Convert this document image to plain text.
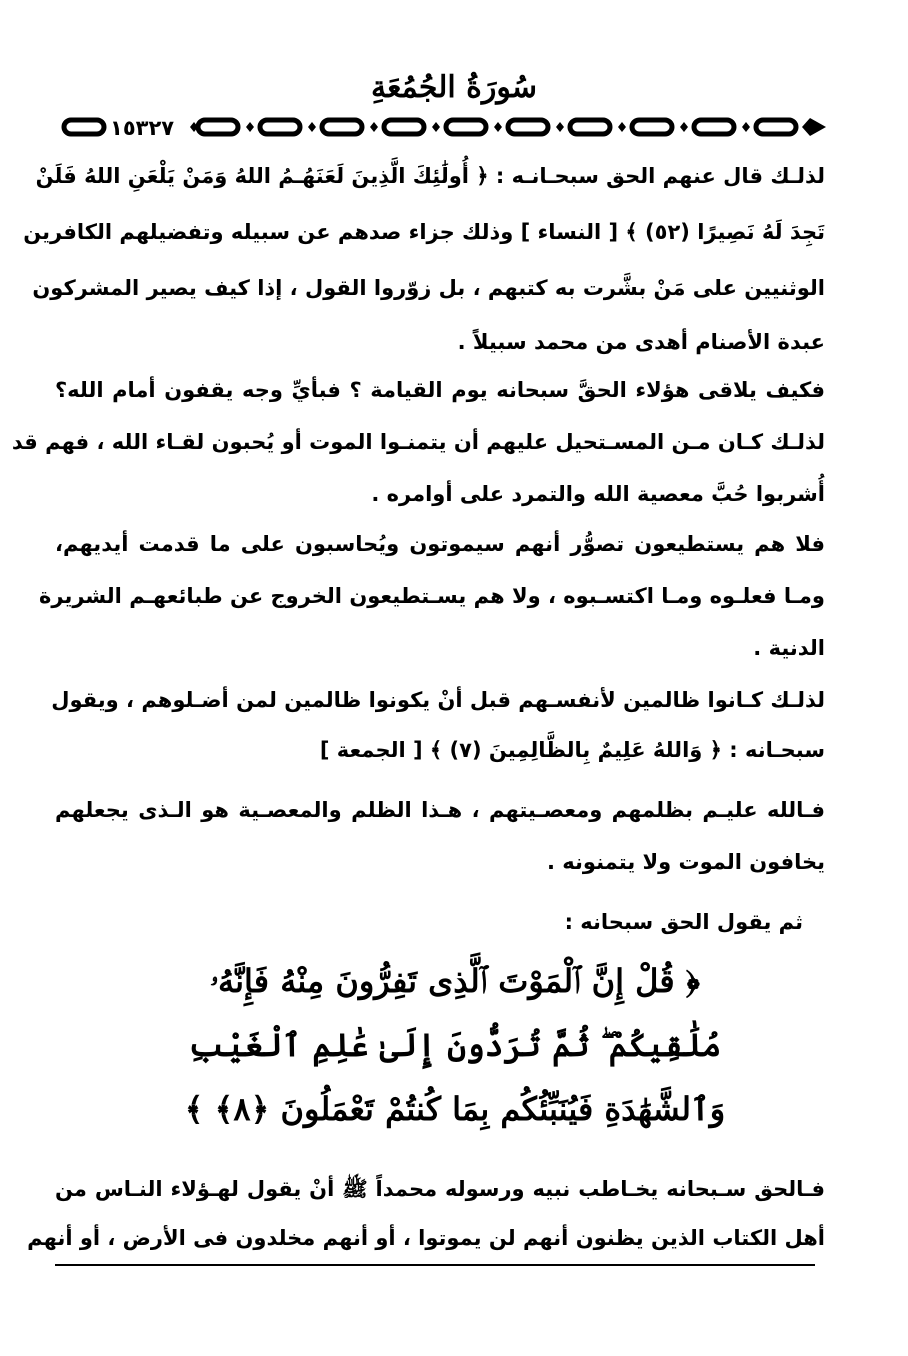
سُورَةُ الجُمُعَةِ
١٥٣٢٧
لذلـك قال عنهم الحق سبحـانـه : ﴿ أُولَٰئِكَ الَّذِينَ لَعَنَهُـمُ اللهُ وَمَنْ يَلْعَنِ اللهُ فَلَنْ
تَجِدَ لَهُ نَصِيرًا (٥٢) ﴾ [ النساء ] وذلك جزاء صدهم عن سبيله وتفضيلهم الكافرين
الوثنيين على مَنْ بشَّرت به كتبهم ، بل زوّروا القول ، إذا كيف يصير المشركون
عبدة الأصنام أهدى من محمد سبيلاً .
فكيف يلاقى هؤلاء الحقَّ سبحانه يوم القيامة ؟ فبأيِّ وجه يقفون أمام الله؟
لذلـك كـان مـن المسـتحيل عليهم أن يتمنـوا الموت أو يُحبون لقـاء الله ، فهم قد
أُشربوا حُبَّ معصية الله والتمرد على أوامره .
فلا هم يستطيعون تصوُّر أنهم سيموتون ويُحاسبون على ما قدمت أيديهم،
ومـا فعلـوه ومـا اكتسـبوه ، ولا هم يسـتطيعون الخروج عن طبائعهـم الشريرة
الدنية .
لذلـك كـانوا ظالمين لأنفسـهم قبل أنْ يكونوا ظالمين لمن أضـلوهم ، ويقول
سبحـانه : ﴿ وَاللهُ عَلِيمٌ بِالظَّالِمِينَ (٧) ﴾ [ الجمعة ]
فـالله عليـم بظلمهم ومعصـيتهم ، هـذا الظلم والمعصـية هو الـذى يجعلهم
يخافون الموت ولا يتمنونه .
ثم يقول الحق سبحانه :
﴿ قُلْ إِنَّ ٱلْمَوْتَ ٱلَّذِى تَفِرُّونَ مِنْهُ فَإِنَّهُۥ
مُلَٰقِيكُمْ ۖ ثُمَّ تُرَدُّونَ إِلَىٰ عَٰلِمِ ٱلْغَيْبِ
وَٱلشَّهَٰدَةِ فَيُنَبِّئُكُم بِمَا كُنتُمْ تَعْمَلُونَ ﴿٨﴾ ﴾
فـالحق سـبحانه يخـاطب نبيه ورسوله محمداً ﷺ أنْ يقول لهـؤلاء النـاس من
أهل الكتاب الذين يظنون أنهم لن يموتوا ، أو أنهم مخلدون فى الأرض ، أو أنهم
